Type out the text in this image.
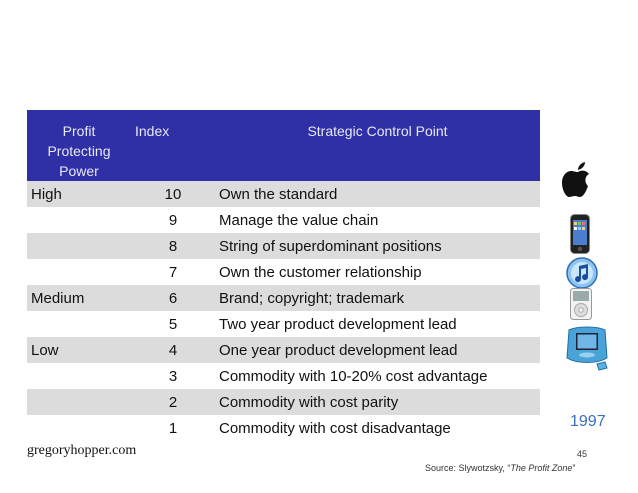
Profit
Protecting
Power	Index	Strategic Control Point
High	10	Own the standard
	9	Manage the value chain
	8	String of superdominant positions
	7	Own the customer relationship
Medium	6	Brand; copyright; trademark
	5	Two year product development lead
Low	4	One year product development lead
	3	Commodity with 10-20% cost advantage
	2	Commodity with cost parity
	1	Commodity with cost disadvantage	1997
gregoryhopper.com	45
Source: Slywotzsky, “The Profit Zone”
